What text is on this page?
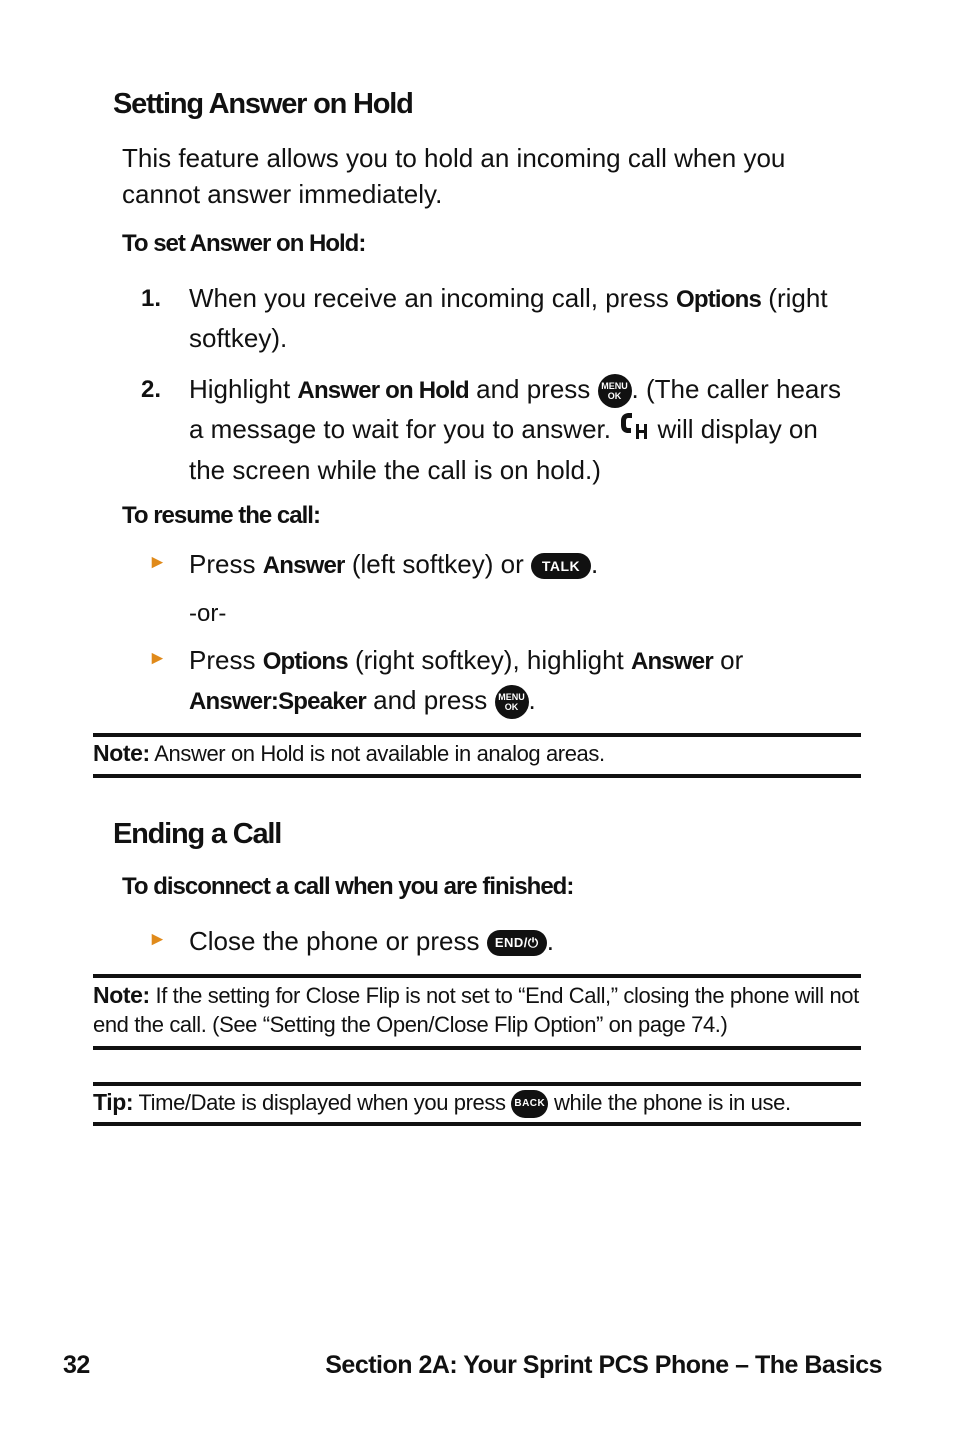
Setting Answer on Hold
This feature allows you to hold an incoming call when you cannot answer immediately.
To set Answer on Hold:
1. When you receive an incoming call, press Options (right softkey).
2. Highlight Answer on Hold and press MENU
OK . (The caller hears a message to wait for you to answer.  will display on the screen while the call is on hold.)
To resume the call:
► Press Answer (left softkey) or TALK .
-or-
► Press Options (right softkey), highlight Answer or
Answer:Speaker and press MENU
OK .
Note: Answer on Hold is not available in analog areas.
Ending a Call
To disconnect a call when you are finished:
► Close the phone or press END/⏻ .
Note: If the setting for Close Flip is not set to “End Call,” closing the phone will not end the call. (See “Setting the Open/Close Flip Option” on page 74.)
Tip: Time/Date is displayed when you press BACK while the phone is in use.
32	Section 2A: Your Sprint PCS Phone – The Basics
